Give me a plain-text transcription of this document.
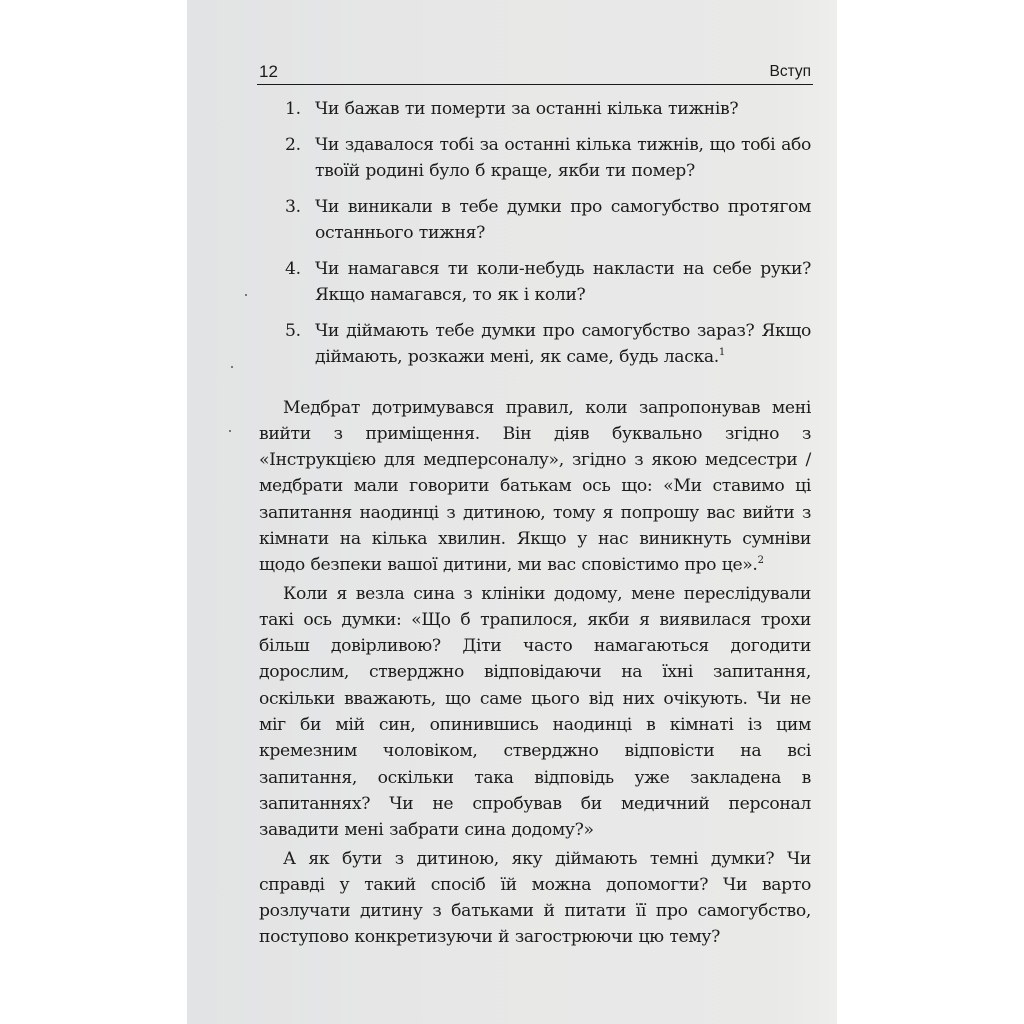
12	Вступ
1. Чи бажав ти померти за останні кілька тижнів?
2. Чи здавалося тобі за останні кілька тижнів, що тобі або твоїй родині було б краще, якби ти помер?
3. Чи виникали в тебе думки про самогубство протягом останнього тижня?
4. Чи намагався ти коли-небудь накласти на себе руки? Якщо намагався, то як і коли?
5. Чи діймають тебе думки про самогубство зараз? Якщо діймають, розкажи мені, як саме, будь ласка.$^1$

Медбрат дотримувався правил, коли запропонував мені вийти з приміщення. Він діяв буквально згідно з «Інструкцією для медперсоналу», згідно з якою медсестри / медбрати мали говорити батькам ось що: «Ми ставимо ці запитання наодинці з дитиною, тому я попрошу вас вийти з кімнати на кілька хвилин. Якщо у нас виникнуть сумніви щодо безпеки вашої дитини, ми вас сповістимо про це».$^2$

Коли я везла сина з клініки додому, мене переслідували такі ось думки: «Що б трапилося, якби я виявилася трохи більш довірливою? Діти часто намагаються догодити дорослим, стверджно відповідаючи на їхні запитання, оскільки вважають, що саме цього від них очікують. Чи не міг би мій син, опинившись наодинці в кімнаті із цим кремезним чоловіком, стверджно відповісти на всі запитання, оскільки така відповідь уже закладена в запитаннях? Чи не спробував би медичний персонал завадити мені забрати сина додому?»

А як бути з дитиною, яку діймають темні думки? Чи справді у такий спосіб їй можна допомогти? Чи варто розлучати дитину з батьками й питати її про самогубство, поступово конкретизуючи й загострюючи цю тему?
